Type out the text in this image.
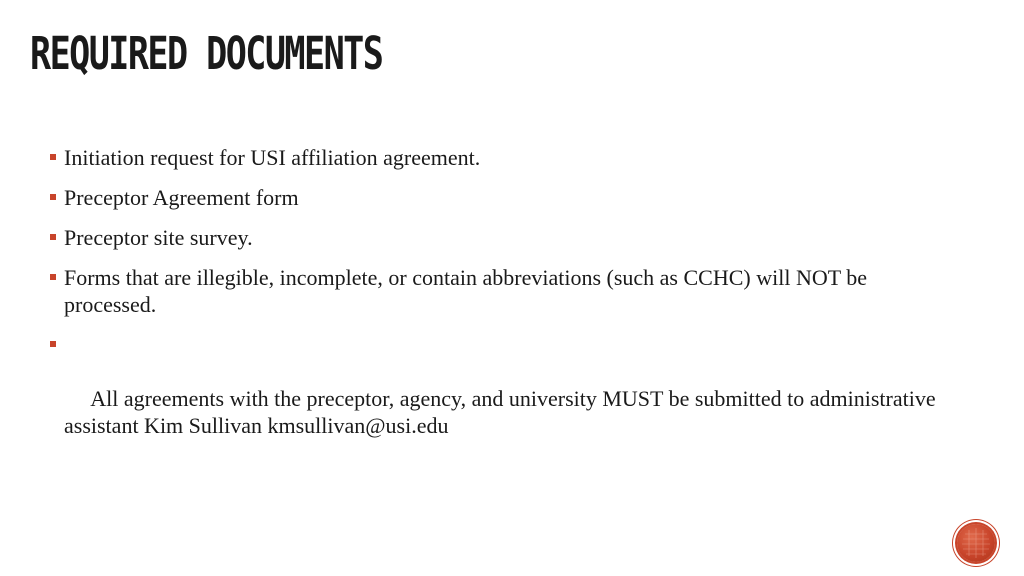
REQUIRED DOCUMENTS
Initiation request for USI affiliation agreement.
Preceptor Agreement form
Preceptor site survey.
Forms that are illegible, incomplete, or contain abbreviations (such as CCHC) will NOT be processed.

All agreements with the preceptor, agency, and university MUST be submitted to administrative assistant Kim Sullivan kmsullivan@usi.edu
